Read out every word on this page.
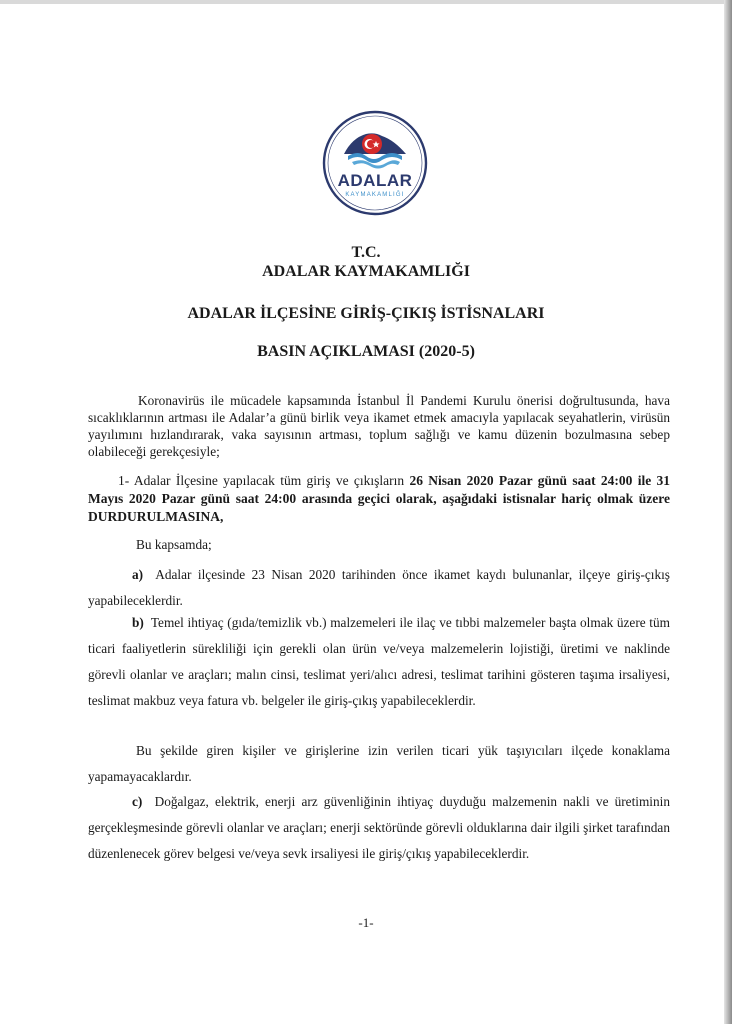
ADALAR
KAYMAKAMLIĞI
T.C.
ADALAR KAYMAKAMLIĞI
ADALAR İLÇESİNE GİRİŞ-ÇIKIŞ İSTİSNALARI
BASIN AÇIKLAMASI (2020-5)
Koronavirüs ile mücadele kapsamında İstanbul İl Pandemi Kurulu önerisi doğrultusunda, hava sıcaklıklarının artması ile Adalar’a günü birlik veya ikamet etmek amacıyla yapılacak seyahatlerin, virüsün yayılımını hızlandırarak, vaka sayısının artması, toplum sağlığı ve kamu düzenin bozulmasına sebep olabileceği gerekçesiyle;
1- Adalar İlçesine yapılacak tüm giriş ve çıkışların 26 Nisan 2020 Pazar günü saat 24:00 ile 31 Mayıs 2020 Pazar günü saat 24:00 arasında geçici olarak, aşağıdaki istisnalar hariç olmak üzere DURDURULMASINA,
Bu kapsamda;
a) Adalar ilçesinde 23 Nisan 2020 tarihinden önce ikamet kaydı bulunanlar, ilçeye giriş-çıkış yapabileceklerdir.
b) Temel ihtiyaç (gıda/temizlik vb.) malzemeleri ile ilaç ve tıbbi malzemeler başta olmak üzere tüm ticari faaliyetlerin sürekliliği için gerekli olan ürün ve/veya malzemelerin lojistiği, üretimi ve naklinde görevli olanlar ve araçları; malın cinsi, teslimat yeri/alıcı adresi, teslimat tarihini gösteren taşıma irsaliyesi, teslimat makbuz veya fatura vb. belgeler ile giriş-çıkış yapabileceklerdir.
Bu şekilde giren kişiler ve girişlerine izin verilen ticari yük taşıyıcıları ilçede konaklama yapamayacaklardır.
c) Doğalgaz, elektrik, enerji arz güvenliğinin ihtiyaç duyduğu malzemenin nakli ve üretiminin gerçekleşmesinde görevli olanlar ve araçları; enerji sektöründe görevli olduklarına dair ilgili şirket tarafından düzenlenecek görev belgesi ve/veya sevk irsaliyesi ile giriş/çıkış yapabileceklerdir.
-1-
